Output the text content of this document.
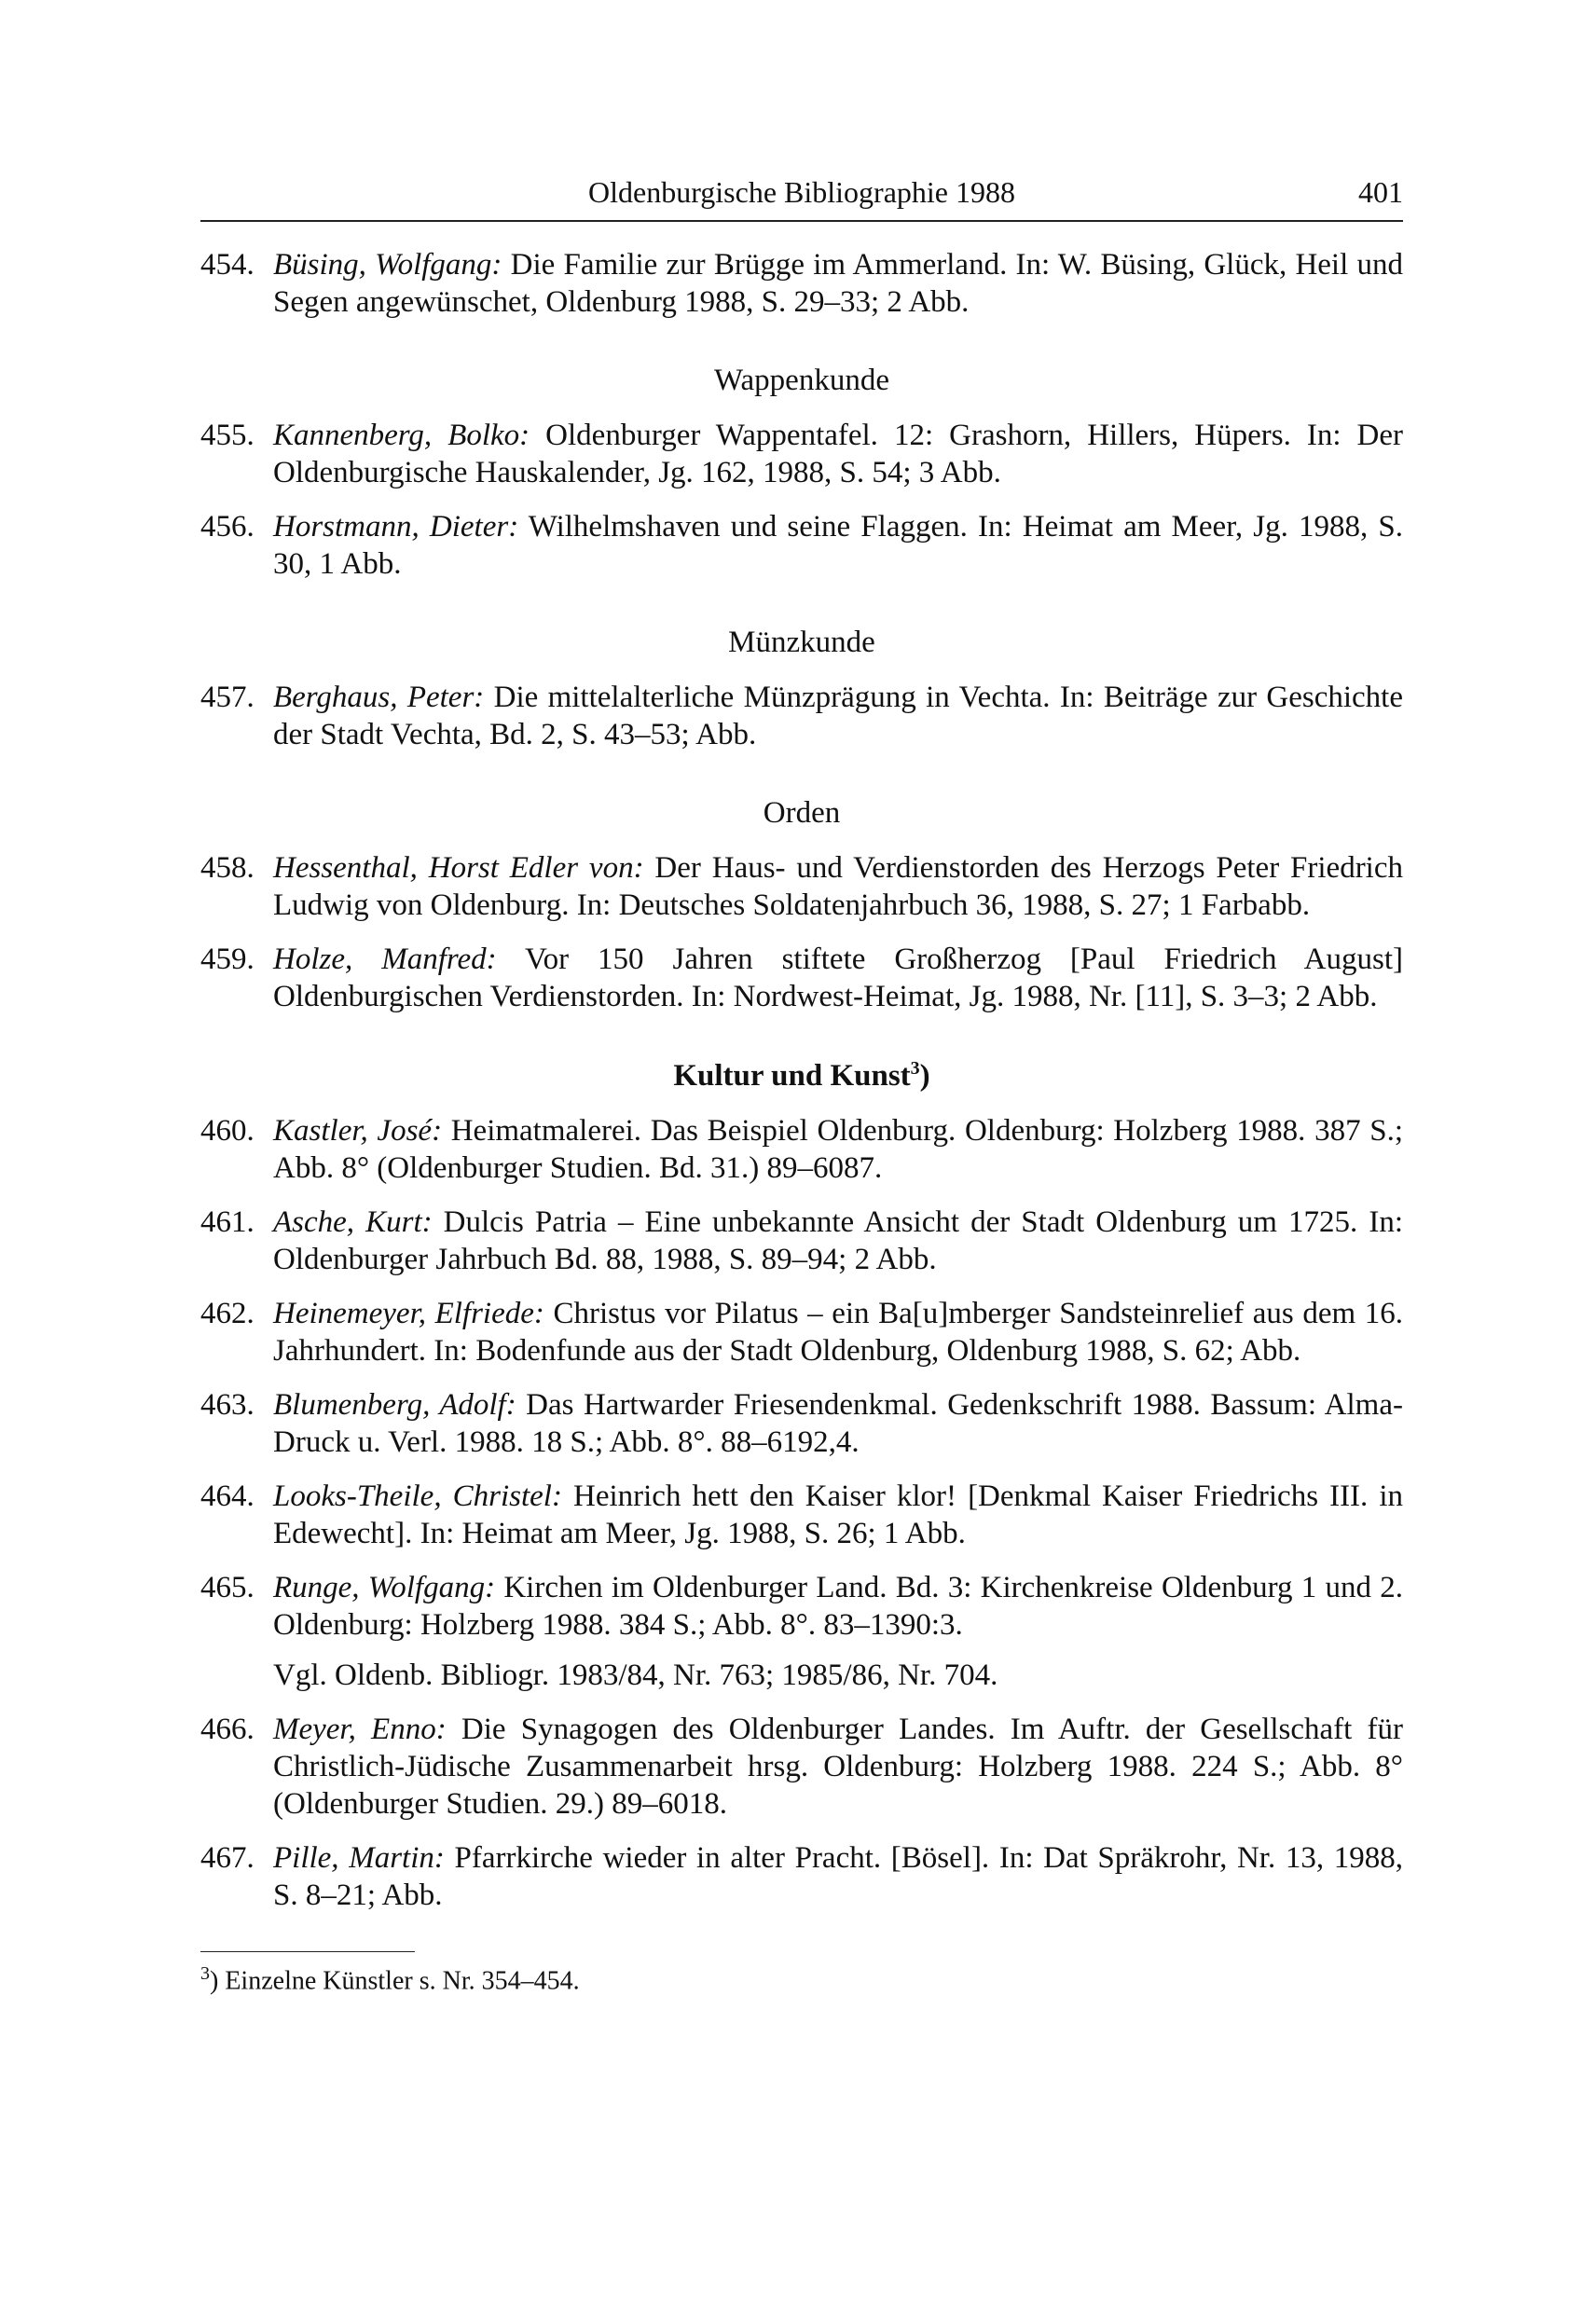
Oldenburgische Bibliographie 1988	401
454. Büsing, Wolfgang: Die Familie zur Brügge im Ammerland. In: W. Büsing, Glück, Heil und Segen angewünschet, Oldenburg 1988, S. 29–33; 2 Abb.
Wappenkunde
455. Kannenberg, Bolko: Oldenburger Wappentafel. 12: Grashorn, Hillers, Hüpers. In: Der Oldenburgische Hauskalender, Jg. 162, 1988, S. 54; 3 Abb.
456. Horstmann, Dieter: Wilhelmshaven und seine Flaggen. In: Heimat am Meer, Jg. 1988, S. 30, 1 Abb.
Münzkunde
457. Berghaus, Peter: Die mittelalterliche Münzprägung in Vechta. In: Beiträge zur Geschichte der Stadt Vechta, Bd. 2, S. 43–53; Abb.
Orden
458. Hessenthal, Horst Edler von: Der Haus- und Verdienstorden des Herzogs Peter Friedrich Ludwig von Oldenburg. In: Deutsches Soldatenjahrbuch 36, 1988, S. 27; 1 Farbabb.
459. Holze, Manfred: Vor 150 Jahren stiftete Großherzog [Paul Friedrich August] Oldenburgischen Verdienstorden. In: Nordwest-Heimat, Jg. 1988, Nr. [11], S. 3–3; 2 Abb.
Kultur und Kunst$^3$)
460. Kastler, José: Heimatmalerei. Das Beispiel Oldenburg. Oldenburg: Holzberg 1988. 387 S.; Abb. 8° (Oldenburger Studien. Bd. 31.) 89–6087.
461. Asche, Kurt: Dulcis Patria – Eine unbekannte Ansicht der Stadt Oldenburg um 1725. In: Oldenburger Jahrbuch Bd. 88, 1988, S. 89–94; 2 Abb.
462. Heinemeyer, Elfriede: Christus vor Pilatus – ein Ba[u]mberger Sandsteinrelief aus dem 16. Jahrhundert. In: Bodenfunde aus der Stadt Oldenburg, Oldenburg 1988, S. 62; Abb.
463. Blumenberg, Adolf: Das Hartwarder Friesendenkmal. Gedenkschrift 1988. Bassum: Alma-Druck u. Verl. 1988. 18 S.; Abb. 8°. 88–6192,4.
464. Looks-Theile, Christel: Heinrich hett den Kaiser klor! [Denkmal Kaiser Friedrichs III. in Edewecht]. In: Heimat am Meer, Jg. 1988, S. 26; 1 Abb.
465. Runge, Wolfgang: Kirchen im Oldenburger Land. Bd. 3: Kirchenkreise Oldenburg 1 und 2. Oldenburg: Holzberg 1988. 384 S.; Abb. 8°. 83–1390:3.
Vgl. Oldenb. Bibliogr. 1983/84, Nr. 763; 1985/86, Nr. 704.
466. Meyer, Enno: Die Synagogen des Oldenburger Landes. Im Auftr. der Gesellschaft für Christlich-Jüdische Zusammenarbeit hrsg. Oldenburg: Holzberg 1988. 224 S.; Abb. 8° (Oldenburger Studien. 29.) 89–6018.
467. Pille, Martin: Pfarrkirche wieder in alter Pracht. [Bösel]. In: Dat Spräkrohr, Nr. 13, 1988, S. 8–21; Abb.
$^3$) Einzelne Künstler s. Nr. 354–454.
